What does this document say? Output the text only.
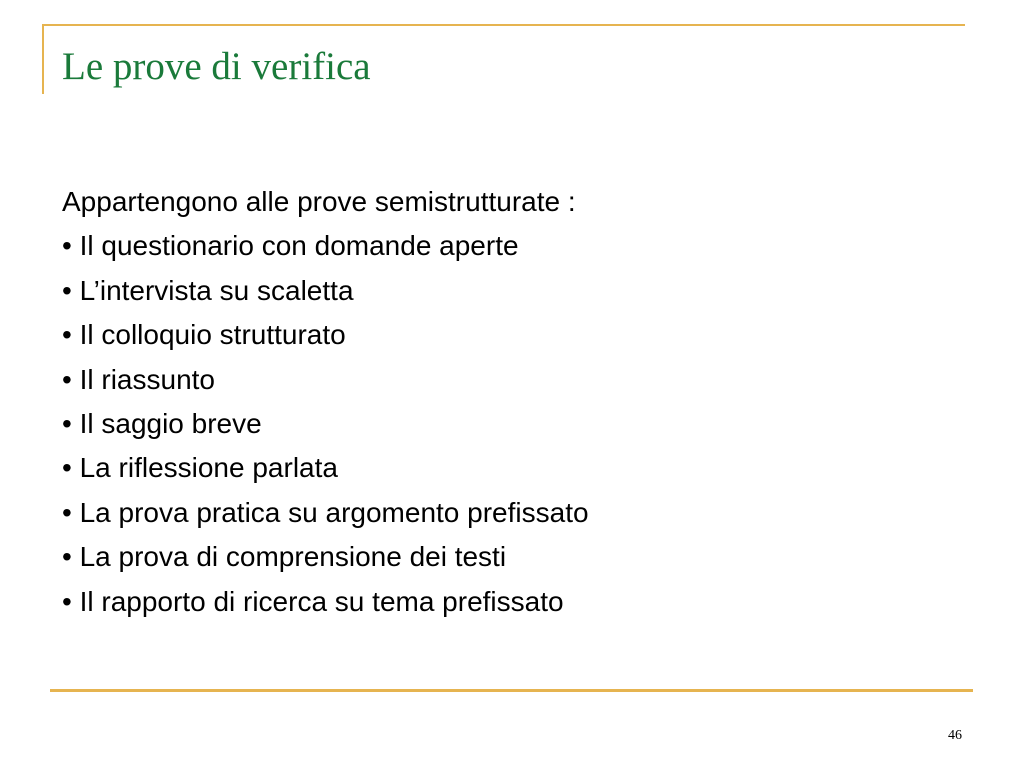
Le prove di verifica
Appartengono alle prove semistrutturate :
• Il questionario con domande aperte
• L’intervista su scaletta
• Il colloquio strutturato
• Il riassunto
• Il saggio breve
• La riflessione parlata
• La prova pratica su argomento prefissato
• La prova di comprensione dei testi
• Il rapporto di ricerca su tema prefissato
46
